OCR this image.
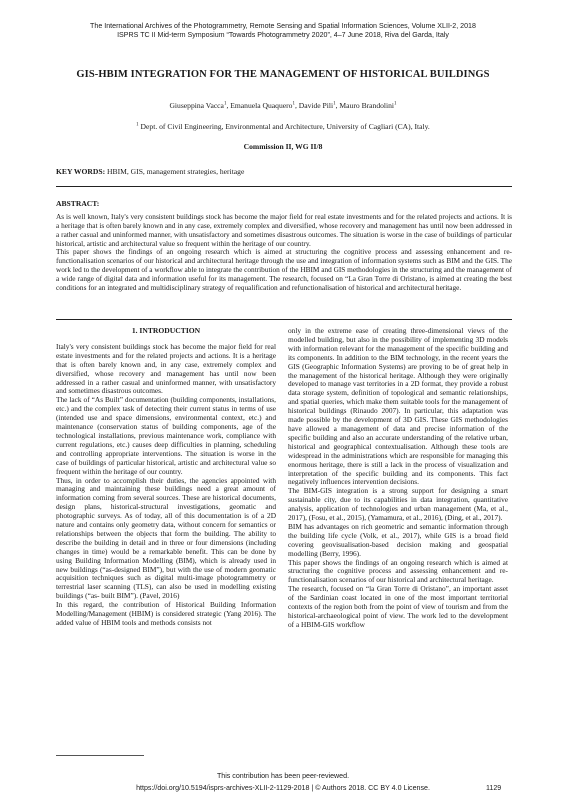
The International Archives of the Photogrammetry, Remote Sensing and Spatial Information Sciences, Volume XLII-2, 2018
ISPRS TC II Mid-term Symposium “Towards Photogrammetry 2020”, 4–7 June 2018, Riva del Garda, Italy
GIS-HBIM INTEGRATION FOR THE MANAGEMENT OF HISTORICAL BUILDINGS
Giuseppina Vacca$^1$, Emanuela Quaquero$^1$, Davide Pili$^1$, Mauro Brandolini$^1$
$^1$ Dept. of Civil Engineering, Environmental and Architecture, University of Cagliari (CA), Italy.
Commission II, WG II/8
KEY WORDS: HBIM, GIS, management strategies, heritage
ABSTRACT:

As is well known, Italy's very consistent buildings stock has become the major field for real estate investments and for the related projects and actions. It is a heritage that is often barely known and in any case, extremely complex and diversified, whose recovery and management has until now been addressed in a rather casual and uninformed manner, with unsatisfactory and sometimes disastrous outcomes. The situation is worse in the case of buildings of particular historical, artistic and architectural value so frequent within the heritage of our country.

This paper shows the findings of an ongoing research which is aimed at structuring the cognitive process and assessing enhancement and re-functionalisation scenarios of our historical and architectural heritage through the use and integration of information systems such as BIM and the GIS. The work led to the development of a workflow able to integrate the contribution of the HBIM and GIS methodologies in the structuring and the management of a wide range of digital data and information useful for its management. The research, focused on “La Gran Torre di Oristano, is aimed at creating the best conditions for an integrated and multidisciplinary strategy of requalification and refunctionalisation of historical and architectural heritage.

1. INTRODUCTION

Italy's very consistent buildings stock has become the major field for real estate investments and for the related projects and actions. It is a heritage that is often barely known and, in any case, extremely complex and diversified, whose recovery and management has until now been addressed in a rather casual and uninformed manner, with unsatisfactory and sometimes disastrous outcomes.

The lack of “As Built” documentation (building components, installations, etc.) and the complex task of detecting their current status in terms of use (intended use and space dimensions, environmental context, etc.) and maintenance (conservation status of building components, age of the technological installations, previous maintenance work, compliance with current regulations, etc.) causes deep difficulties in planning, scheduling and controlling appropriate interventions. The situation is worse in the case of buildings of particular historical, artistic and architectural value so frequent within the heritage of our country.

Thus, in order to accomplish their duties, the agencies appointed with managing and maintaining these buildings need a great amount of information coming from several sources. These are historical documents, design plans, historical-structural investigations, geomatic and photographic surveys. As of today, all of this documentation is of a 2D nature and contains only geometry data, without concern for semantics or relationships between the objects that form the building. The ability to describe the building in detail and in three or four dimensions (including changes in time) would be a remarkable benefit. This can be done by using Building Information Modelling (BIM), which is already used in new buildings (“as-designed BIM”), but with the use of modern geomatic acquisition techniques such as digital multi-image photogrammetry or terrestrial laser scanning (TLS), can also be used in modelling existing buildings (“as- built BIM”). (Pavel, 2016)

In this regard, the contribution of Historical Building Information Modelling/Management (HBIM) is considered strategic (Yang 2016). The added value of HBIM tools and methods consists not

only in the extreme ease of creating three-dimensional views of the modelled building, but also in the possibility of implementing 3D models with information relevant for the management of the specific building and its components. In addition to the BIM technology, in the recent years the GIS (Geographic Information Systems) are proving to be of great help in the management of the historical heritage. Although they were originally developed to manage vast territories in a 2D format, they provide a robust data storage system, definition of topological and semantic relationships, and spatial queries, which make them suitable tools for the management of historical buildings (Rinaudo 2007). In particular, this adaptation was made possible by the development of 3D GIS. These GIS methodologies have allowed a management of data and precise information of the specific building and also an accurate understanding of the relative urban, historical and geographical contextualisation. Although these tools are widespread in the administrations which are responsible for managing this enormous heritage, there is still a lack in the process of visualization and interpretation of the specific building and its components. This fact negatively influences intervention decisions.

The BIM-GIS integration is a strong support for designing a smart sustainable city, due to its capabilities in data integration, quantitative analysis, application of technologies and urban management (Ma, et al., 2017), (Fosu, et al., 2015), (Yamamura, et al., 2016), (Ding, et al., 2017).

BIM has advantages on rich geometric and semantic information through the building life cycle (Volk, et al., 2017), while GIS is a broad field covering geovisualisation-based decision making and geospatial modelling (Berry, 1996).

This paper shows the findings of an ongoing research which is aimed at structuring the cognitive process and assessing enhancement and re-functionalisation scenarios of our historical and architectural heritage.

The research, focused on “la Gran Torre di Oristano”, an important asset of the Sardinian coast located in one of the most important territorial contexts of the region both from the point of view of tourism and from the historical-archaeological point of view. The work led to the development of a HBIM-GIS workflow

This contribution has been peer-reviewed.
https://doi.org/10.5194/isprs-archives-XLII-2-1129-2018 | © Authors 2018. CC BY 4.0 License.	1129
